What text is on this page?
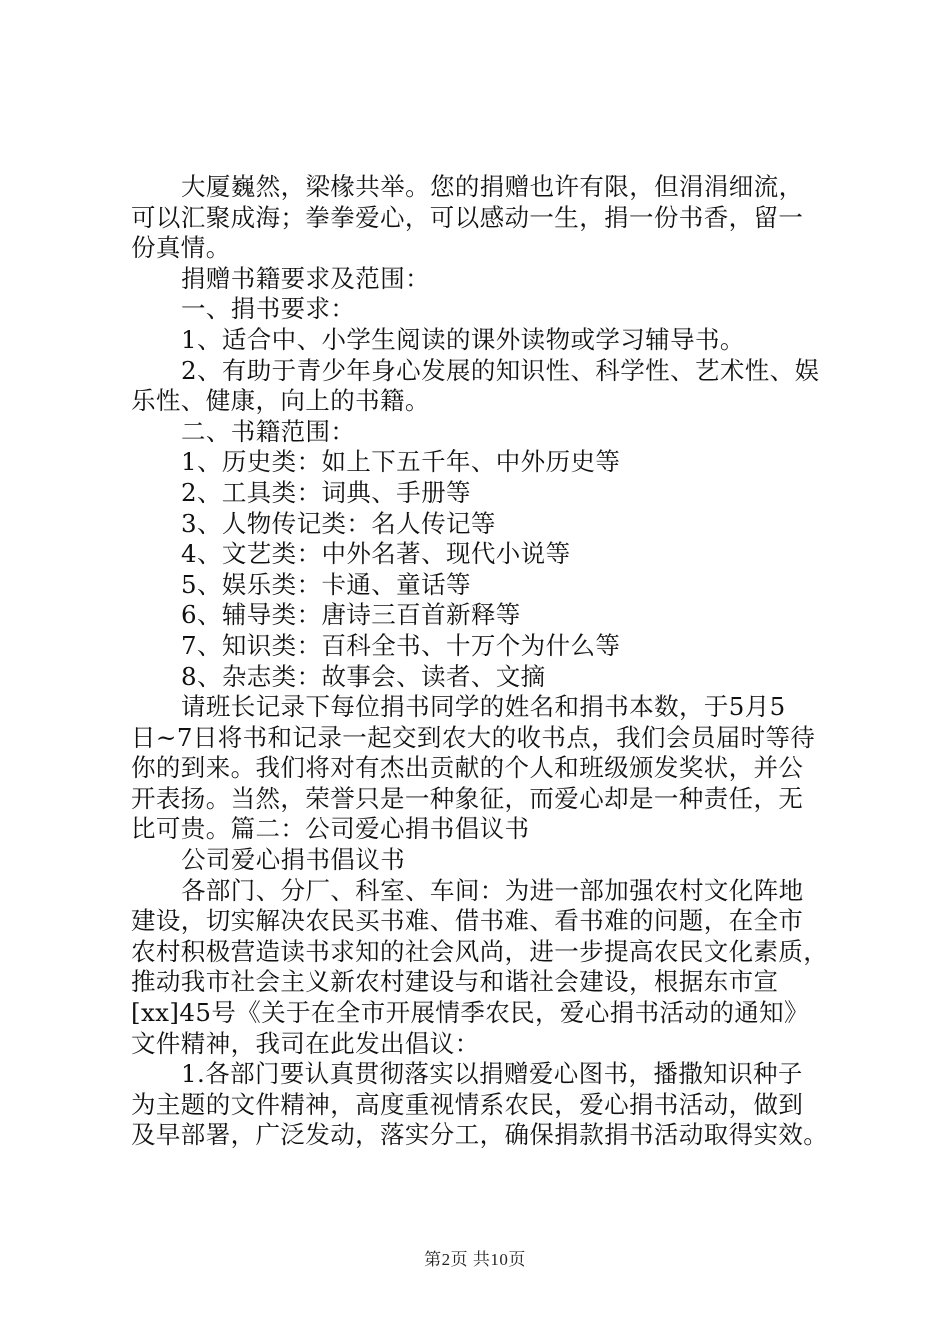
大厦巍然，梁椽共举。您的捐赠也许有限，但涓涓细流，
可以汇聚成海；拳拳爱心，可以感动一生，捐一份书香，留一
份真情。
捐赠书籍要求及范围：
一、捐书要求：
1、适合中、小学生阅读的课外读物或学习辅导书。
2、有助于青少年身心发展的知识性、科学性、艺术性、娱
乐性、健康，向上的书籍。
二、书籍范围：
1、历史类：如上下五千年、中外历史等
2、工具类：词典、手册等
3、人物传记类：名人传记等
4、文艺类：中外名著、现代小说等
5、娱乐类：卡通、童话等
6、辅导类：唐诗三百首新释等
7、知识类：百科全书、十万个为什么等
8、杂志类：故事会、读者、文摘
请班长记录下每位捐书同学的姓名和捐书本数，于5月5
日~7日将书和记录一起交到农大的收书点，我们会员届时等待
你的到来。我们将对有杰出贡献的个人和班级颁发奖状，并公
开表扬。当然，荣誉只是一种象征，而爱心却是一种责任，无
比可贵。篇二：公司爱心捐书倡议书
公司爱心捐书倡议书
各部门、分厂、科室、车间：为进一部加强农村文化阵地
建设，切实解决农民买书难、借书难、看书难的问题，在全市
农村积极营造读书求知的社会风尚，进一步提高农民文化素质，
推动我市社会主义新农村建设与和谐社会建设，根据东市宣
[xx]45号《关于在全市开展情季农民，爱心捐书活动的通知》
文件精神，我司在此发出倡议：
1.各部门要认真贯彻落实以捐赠爱心图书，播撒知识种子
为主题的文件精神，高度重视情系农民，爱心捐书活动，做到
及早部署，广泛发动，落实分工，确保捐款捐书活动取得实效。
第2页 共10页
